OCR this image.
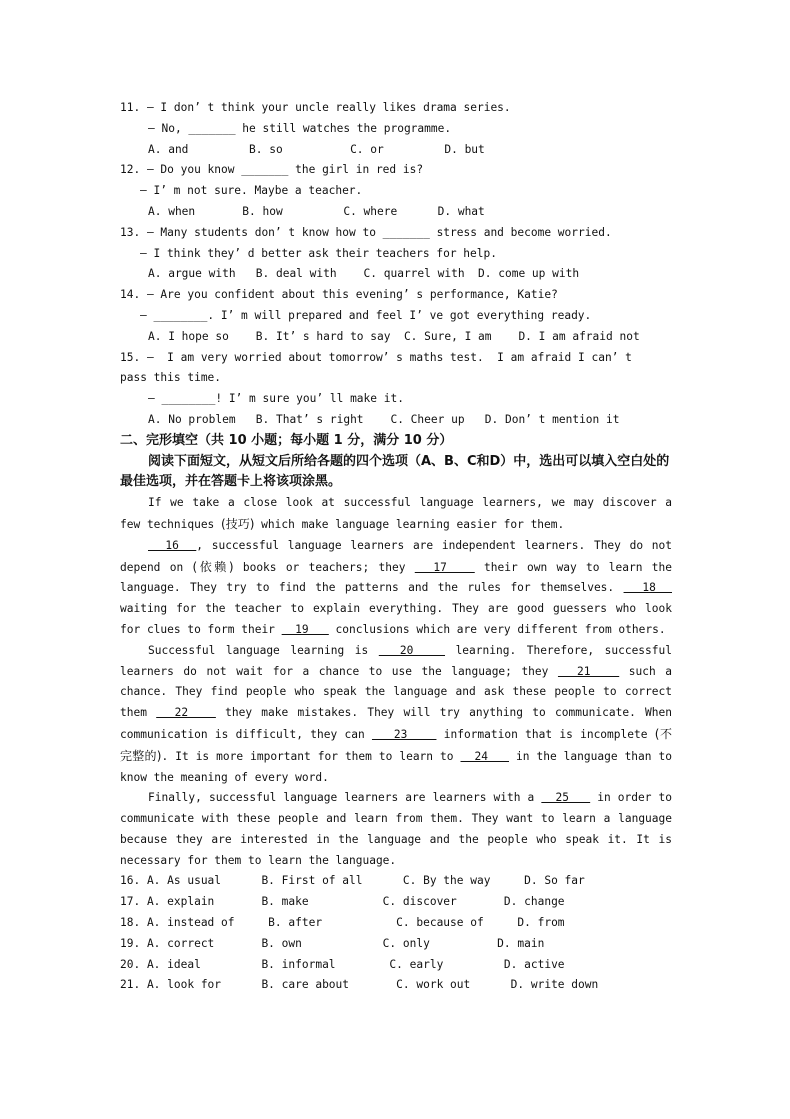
11. — I don’ t think your uncle really likes drama series.
— No, _______ he still watches the programme.
A. and         B. so          C. or         D. but
12. — Do you know _______ the girl in red is?
— I’ m not sure. Maybe a teacher.
A. when       B. how         C. where      D. what
13. — Many students don’ t know how to _______ stress and become worried.
— I think they’ d better ask their teachers for help.
A. argue with   B. deal with    C. quarrel with  D. come up with
14. — Are you confident about this evening’ s performance, Katie?
— ________. I’ m will prepared and feel I’ ve got everything ready.
A. I hope so    B. It’ s hard to say  C. Sure, I am    D. I am afraid not
15. —  I am very worried about tomorrow’ s maths test.  I am afraid I can’ t
pass this time.
— ________! I’ m sure you’ ll make it.
A. No problem   B. That’ s right    C. Cheer up   D. Don’ t mention it
二、完形填空（共 10 小题；每小题 1 分，满分 10 分）
阅读下面短文，从短文后所给各题的四个选项（A、B、C和D）中，选出可以填入空白处的最佳选项，并在答题卡上将该项涂黑。
If we take a close look at successful language learners, we may discover a few techniques (技巧) which make language learning easier for them.
16  , successful language learners are independent learners. They do not depend on (依赖) books or teachers; they   17    their own way to learn the language. They try to find the patterns and the rules for themselves.   18   waiting for the teacher to explain everything. They are good guessers who look for clues to form their   19    conclusions which are very different from others.
Successful language learning is   20    learning. Therefore, successful learners do not wait for a chance to use the language; they   21    such a chance. They find people who speak the language and ask these people to correct them   22    they make mistakes. They will try anything to communicate. When communication is difficult, they can    23     information that is incomplete (不完整的). It is more important for them to learn to   24    in the language than to know the meaning of every word.
Finally, successful language learners are learners with a   25    in order to communicate with these people and learn from them. They want to learn a language because they are interested in the language and the people who speak it. It is necessary for them to learn the language.
16. A. As usual      B. First of all      C. By the way     D. So far
17. A. explain       B. make           C. discover       D. change
18. A. instead of     B. after           C. because of     D. from
19. A. correct       B. own            C. only          D. main
20. A. ideal         B. informal        C. early         D. active
21. A. look for      B. care about       C. work out      D. write down
